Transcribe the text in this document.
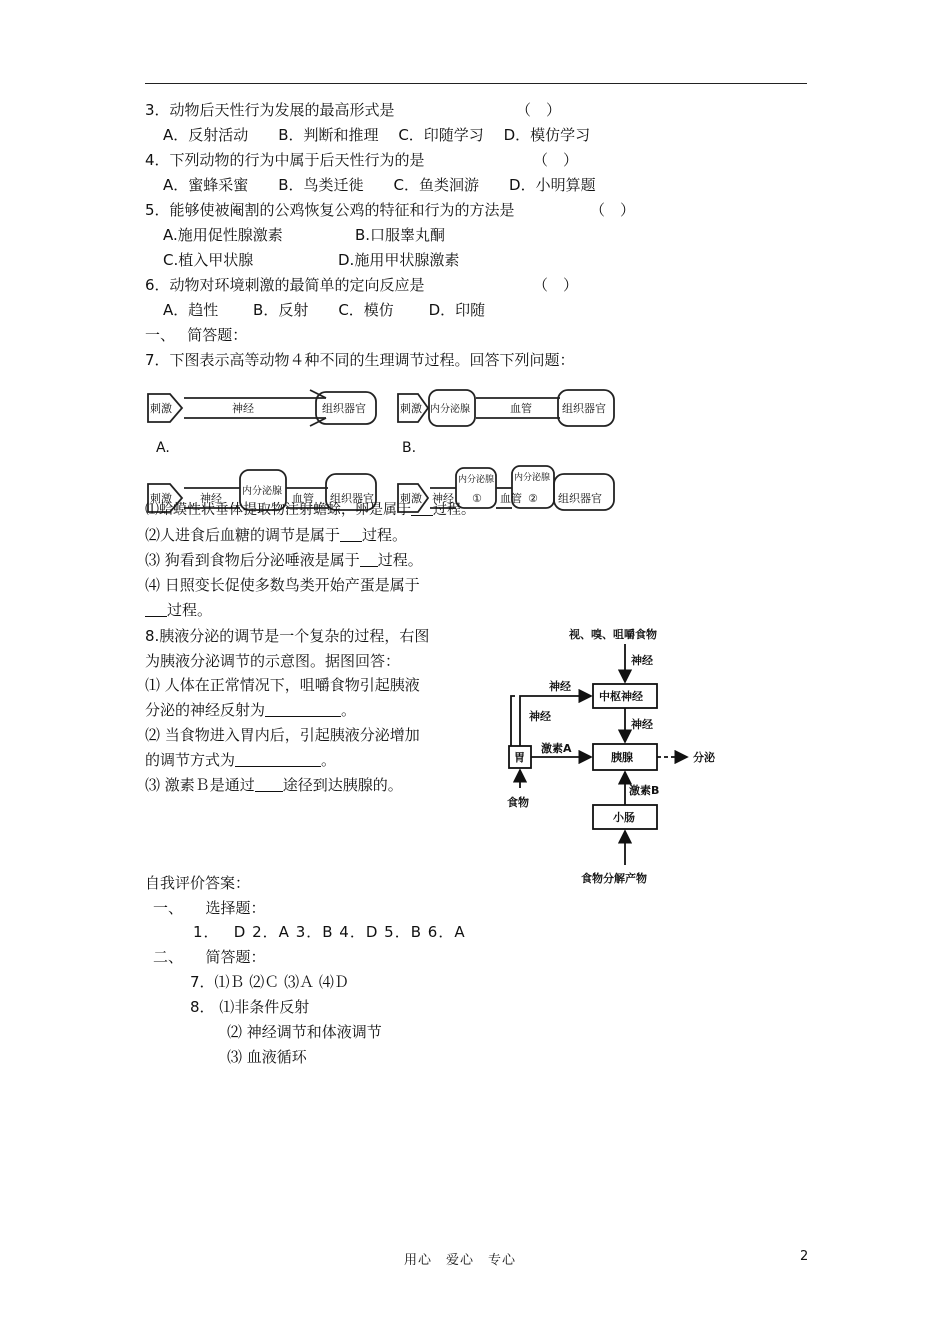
3．动物后天性行为发展的最高形式是	（　）
A．反射活动　　B．判断和推理　 C．印随学习　 D．模仿学习
4．下列动物的行为中属于后天性行为的是	（　）
A．蜜蜂采蜜　　B．鸟类迁徙　　C．鱼类洄游　　D．小明算题
5．能够使被阉割的公鸡恢复公鸡的特征和行为的方法是	（　）
A.施用促性腺激素	B.口服睾丸酮
C.植入甲状腺	D.施用甲状腺激素
6．动物对环境刺激的最简单的定向反应是	（　）
A．趋性　　 B．反射　　C．模仿　　 D．印随
一、　 简答题：
7．下图表示高等动物４种不同的生理调节过程。回答下列问题：
刺激	神经	组织器官	刺激 内分泌腺	血管	组织器官
刺激	神经
内分泌腺
血管 组织器官 刺激 神经
内分泌腺
① 血管
内分泌腺
② 组织器官
A.	B.
⑴蛤蟆性状垂体提取物注射蟾蜍，卵是属于 过程。
⑵人进食后血糖的调节是属于 过程。
⑶ 狗看到食物后分泌唾液是属于 过程。
⑷ 日照变长促使多数鸟类开始产蛋是属于
过程。
8.胰液分泌的调节是一个复杂的过程，右图
为胰液分泌调节的示意图。据图回答：
⑴ 人体在正常情况下，咀嚼食物引起胰液
分泌的神经反射为	。
⑵ 当食物进入胃内后，引起胰液分泌增加
的调节方式为	。
⑶ 激素Ｂ是通过 途径到达胰腺的。
视、嗅、咀嚼食物
神经
神经
中枢神经
神经
神经
胃
激素A
胰腺	分泌
激素B
食物
小肠
食物分解产物
自我评价答案：
一、　　选择题：
1．　 D 2．A 3．B 4．D 5．B 6．A
二、　　简答题：
7．⑴Ｂ ⑵Ｃ ⑶Ａ ⑷Ｄ
8． ⑴非条件反射
⑵ 神经调节和体液调节
⑶ 血液循环
用心　爱心　专心	2
